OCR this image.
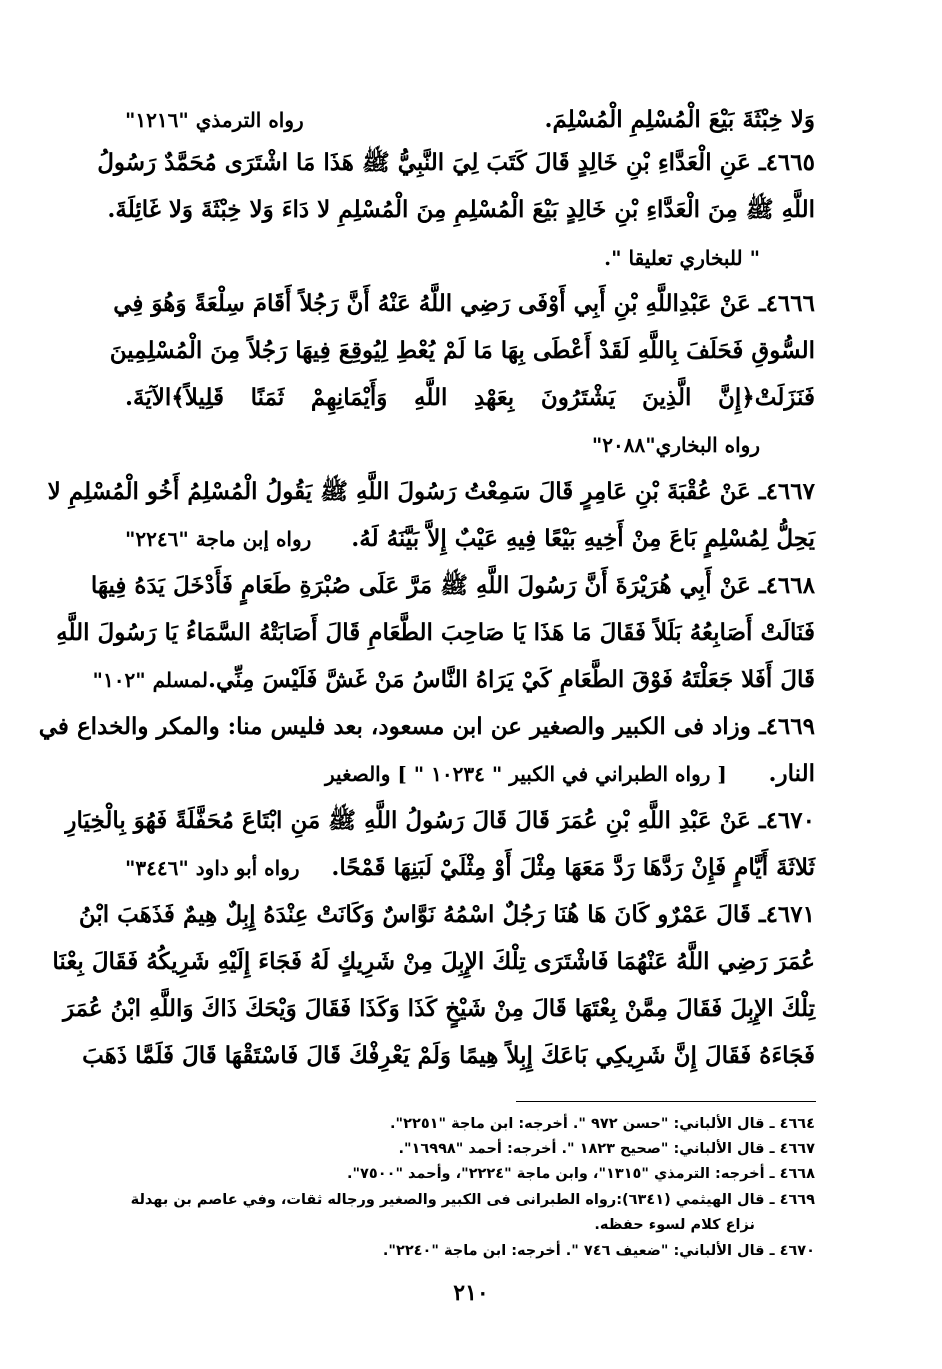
وَلا خِبْثَةَ بَيْعَ الْمُسْلِمِ الْمُسْلِمَ.
رواه الترمذي "١٢١٦"
٤٦٦٥ـ عَنِ الْعَدَّاءِ بْنِ خَالِدٍ قَالَ كَتَبَ لِيَ النَّبِيُّ ﷺ هَذَا مَا اشْتَرَى مُحَمَّدٌ رَسُولُ
اللَّهِ ﷺ مِنَ الْعَدَّاءِ بْنِ خَالِدٍ بَيْعَ الْمُسْلِمِ مِنَ الْمُسْلِمِ لا دَاءَ وَلا خِبْثَةَ وَلا غَائِلَةَ.
" للبخاري تعليقا ".
٤٦٦٦ـ عَنْ عَبْدِاللَّهِ بْنِ أَبِي أَوْفَى رَضِي اللَّهُ عَنْهُ أَنَّ رَجُلاً أَقَامَ سِلْعَةً وَهُوَ فِي
السُّوقِ فَحَلَفَ بِاللَّهِ لَقَدْ أَعْطَى بِهَا مَا لَمْ يُعْطِ لِيُوقِعَ فِيهَا رَجُلاً مِنَ الْمُسْلِمِينَ
فَنَزَلَتْ﴿إِنَّ الَّذِينَ يَشْتَرُونَ بِعَهْدِ اللَّهِ وَأَيْمَانِهِمْ ثَمَنًا قَلِيلاً﴾الآيَةَ.
رواه البخاري"٢٠٨٨"
٤٦٦٧ـ عَنْ عُقْبَةَ بْنِ عَامِرٍ قَالَ سَمِعْتُ رَسُولَ اللَّهِ ﷺ يَقُولُ الْمُسْلِمُ أَخُو الْمُسْلِمِ لا
يَحِلُّ لِمُسْلِمٍ بَاعَ مِنْ أَخِيهِ بَيْعًا فِيهِ عَيْبٌ إِلاَّ بَيَّنَهُ لَهُ.
رواه إبن ماجة "٢٢٤٦"
٤٦٦٨ـ عَنْ أَبِي هُرَيْرَةَ أَنَّ رَسُولَ اللَّهِ ﷺ مَرَّ عَلَى صُبْرَةِ طَعَامٍ فَأَدْخَلَ يَدَهُ فِيهَا
فَنَالَتْ أَصَابِعُهُ بَلَلاً فَقَالَ مَا هَذَا يَا صَاحِبَ الطَّعَامِ قَالَ أَصَابَتْهُ السَّمَاءُ يَا رَسُولَ اللَّهِ
قَالَ أَفَلا جَعَلْتَهُ فَوْقَ الطَّعَامِ كَيْ يَرَاهُ النَّاسُ مَنْ غَشَّ فَلَيْسَ مِنِّي.
لمسلم "١٠٢"
٤٦٦٩ـ وزاد فى الكبير والصغير عن ابن مسعود، بعد فليس منا: والمكر والخداع في
النار.
[ رواه الطبراني في الكبير " ١٠٢٣٤ " ] والصغير
٤٦٧٠ـ عَنْ عَبْدِ اللَّهِ بْنِ عُمَرَ قَالَ قَالَ رَسُولُ اللَّهِ ﷺ مَنِ ابْتَاعَ مُحَفَّلَةً فَهُوَ بِالْخِيَارِ
ثَلاثَةَ أَيَّامٍ فَإِنْ رَدَّهَا رَدَّ مَعَهَا مِثْلَ أَوْ مِثْلَيْ لَبَنِهَا قَمْحًا.
رواه أبو داود "٣٤٤٦"
٤٦٧١ـ قَالَ عَمْرٌو كَانَ هَا هُنَا رَجُلٌ اسْمُهُ نَوَّاسٌ وَكَانَتْ عِنْدَهُ إِبِلٌ هِيمٌ فَذَهَبَ ابْنُ
عُمَرَ رَضِي اللَّهُ عَنْهُمَا فَاشْتَرَى تِلْكَ الإِبِلَ مِنْ شَرِيكٍ لَهُ فَجَاءَ إِلَيْهِ شَرِيكُهُ فَقَالَ بِعْنَا
تِلْكَ الإِبِلَ فَقَالَ مِمَّنْ بِعْتَهَا قَالَ مِنْ شَيْخٍ كَذَا وَكَذَا فَقَالَ وَيْحَكَ ذَاكَ وَاللَّهِ ابْنُ عُمَرَ
فَجَاءَهُ فَقَالَ إِنَّ شَرِيكِي بَاعَكَ إِبِلاً هِيمًا وَلَمْ يَعْرِفْكَ قَالَ فَاسْتَقْهَا قَالَ فَلَمَّا ذَهَبَ
٤٦٦٤ ـ قال الألباني: "حسن ٩٧٢ ". أخرجه: ابن ماجة "٢٢٥١".
٤٦٦٧ ـ قال الألباني: "صحيح ١٨٢٣ ". أخرجه: أحمد "١٦٩٩٨".
٤٦٦٨ ـ أخرجه: الترمذي "١٣١٥"، وابن ماجة "٢٢٢٤"، وأحمد "٧٥٠٠".
٤٦٦٩ ـ قال الهيثمي (٦٣٤١):رواه الطبرانى فى الكبير والصغير ورجاله ثقات، وفي عاصم بن بهدلة
نزاع كلام لسوء حفظه.
٤٦٧٠ ـ قال الألباني: "ضعيف ٧٤٦ ". أخرجه: ابن ماجة "٢٢٤٠".
٢١٠
